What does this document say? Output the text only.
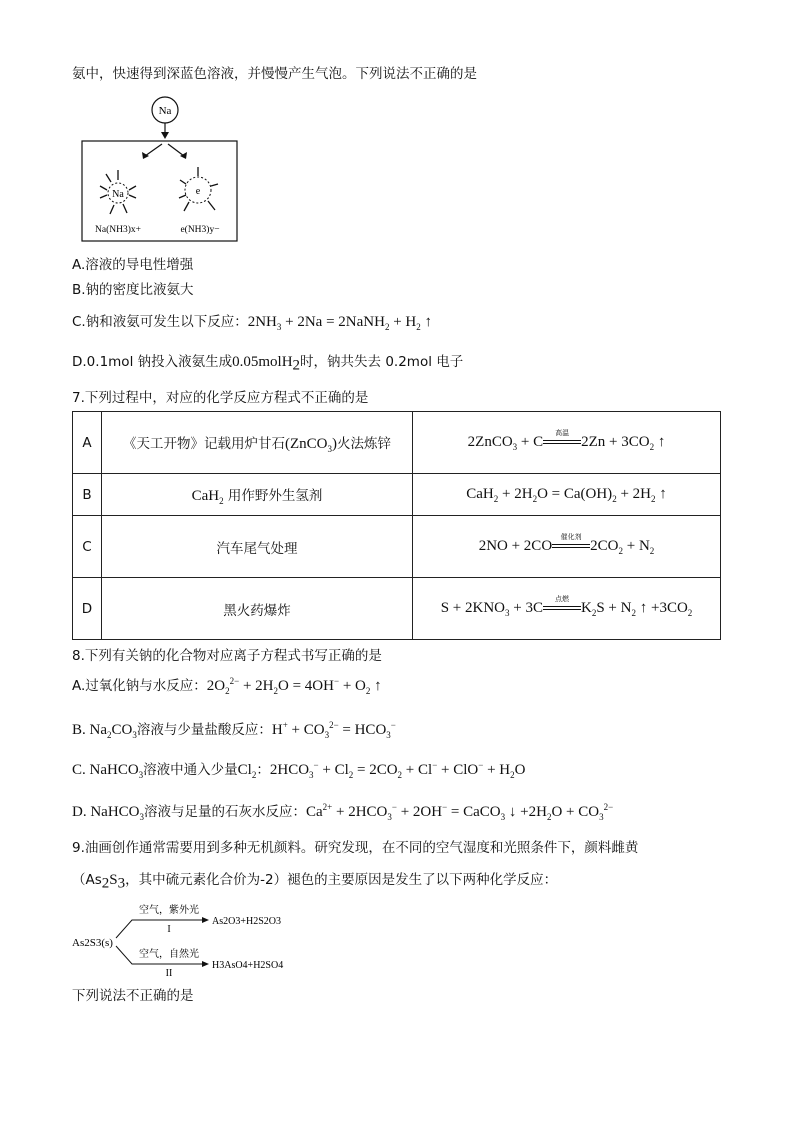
氨中，快速得到深蓝色溶液，并慢慢产生气泡。下列说法不正确的是
Na
Na	e
Na(NH3)x+	e(NH3)y−
A.溶液的导电性增强
B.钠的密度比液氨大
C.钠和液氨可发生以下反应：$2NH_3 + 2Na$ = 2NaNH$_2$ + $H_2$ ↑
D.0.1mol 钠投入液氨生成0.05molH$_2$时，钠共失去 0.2mol 电子
7.下列过程中，对应的化学反应方程式不正确的是
A	《天工开物》记载用炉甘石(ZnCO$_3$)火法炼锌	2ZnCO$_3$ + C
高温
$2Zn + 3CO_2$ ↑
B	CaH$_2$ 用作野外生氢剂	$CaH_2 + 2H_2O = Ca(OH)_2 + 2H_2$ ↑
C	汽车尾气处理	2NO + 2CO
催化剂
$2CO_2 + N_2$
D	黑火药爆炸	$S + 2KNO_3 + 3C$
点燃
$K_2S + N_2$ ↑ $+3CO_2$
8.下列有关钠的化合物对应离子方程式书写正确的是
A.过氧化钠与水反应：$2O_2^{2-} + 2H_2O = 4OH^- + O_2$ ↑
B. $Na_2CO_3$溶液与少量盐酸反应：$H^+ + CO_3^{2-} = HCO_3^-$
C. NaHCO$_3$溶液中通入少量$Cl_2$：$2HCO_3^- + Cl_2 = 2CO_2 + Cl^- + ClO^- + H_2O$
D. NaHCO$_3$溶液与足量的石灰水反应：$Ca^{2+} + 2HCO_3^- + 2OH^-$ = CaCO$_3$ ↓ $+2H_2O + CO_3^{2-}$
9.油画创作通常需要用到多种无机颜料。研究发现，在不同的空气湿度和光照条件下，颜料雌黄
（$As_2S_3$，其中硫元素化合价为-2）褪色的主要原因是发生了以下两种化学反应：
As2S3(s)
空气，紫外光
I
As2O3+H2S2O3
空气，自然光
II
H3AsO4+H2SO4
下列说法不正确的是
